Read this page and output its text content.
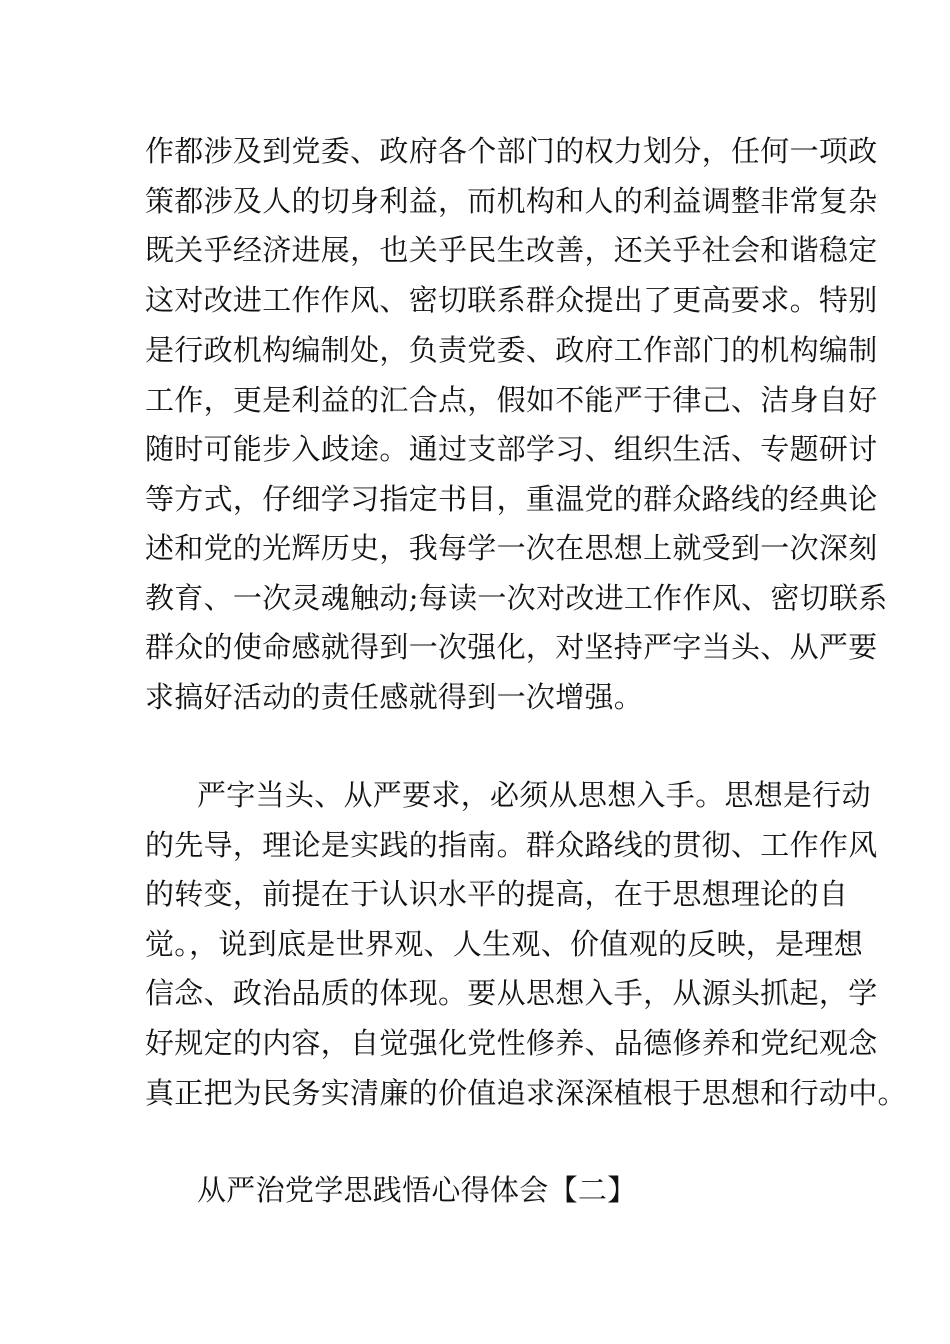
作都涉及到党委、政府各个部门的权力划分，任何一项政
策都涉及人的切身利益，而机构和人的利益调整非常复杂
既关乎经济进展，也关乎民生改善，还关乎社会和谐稳定
这对改进工作作风、密切联系群众提出了更高要求。特别
是行政机构编制处，负责党委、政府工作部门的机构编制
工作，更是利益的汇合点，假如不能严于律己、洁身自好
随时可能步入歧途。通过支部学习、组织生活、专题研讨
等方式，仔细学习指定书目，重温党的群众路线的经典论
述和党的光辉历史，我每学一次在思想上就受到一次深刻
教育、一次灵魂触动;每读一次对改进工作作风、密切联系
群众的使命感就得到一次强化，对坚持严字当头、从严要
求搞好活动的责任感就得到一次增强。
严字当头、从严要求，必须从思想入手。思想是行动
的先导，理论是实践的指南。群众路线的贯彻、工作作风
的转变，前提在于认识水平的提高，在于思想理论的自
觉。，说到底是世界观、人生观、价值观的反映，是理想
信念、政治品质的体现。要从思想入手，从源头抓起，学
好规定的内容，自觉强化党性修养、品德修养和党纪观念
真正把为民务实清廉的价值追求深深植根于思想和行动中。
从严治党学思践悟心得体会【二】
